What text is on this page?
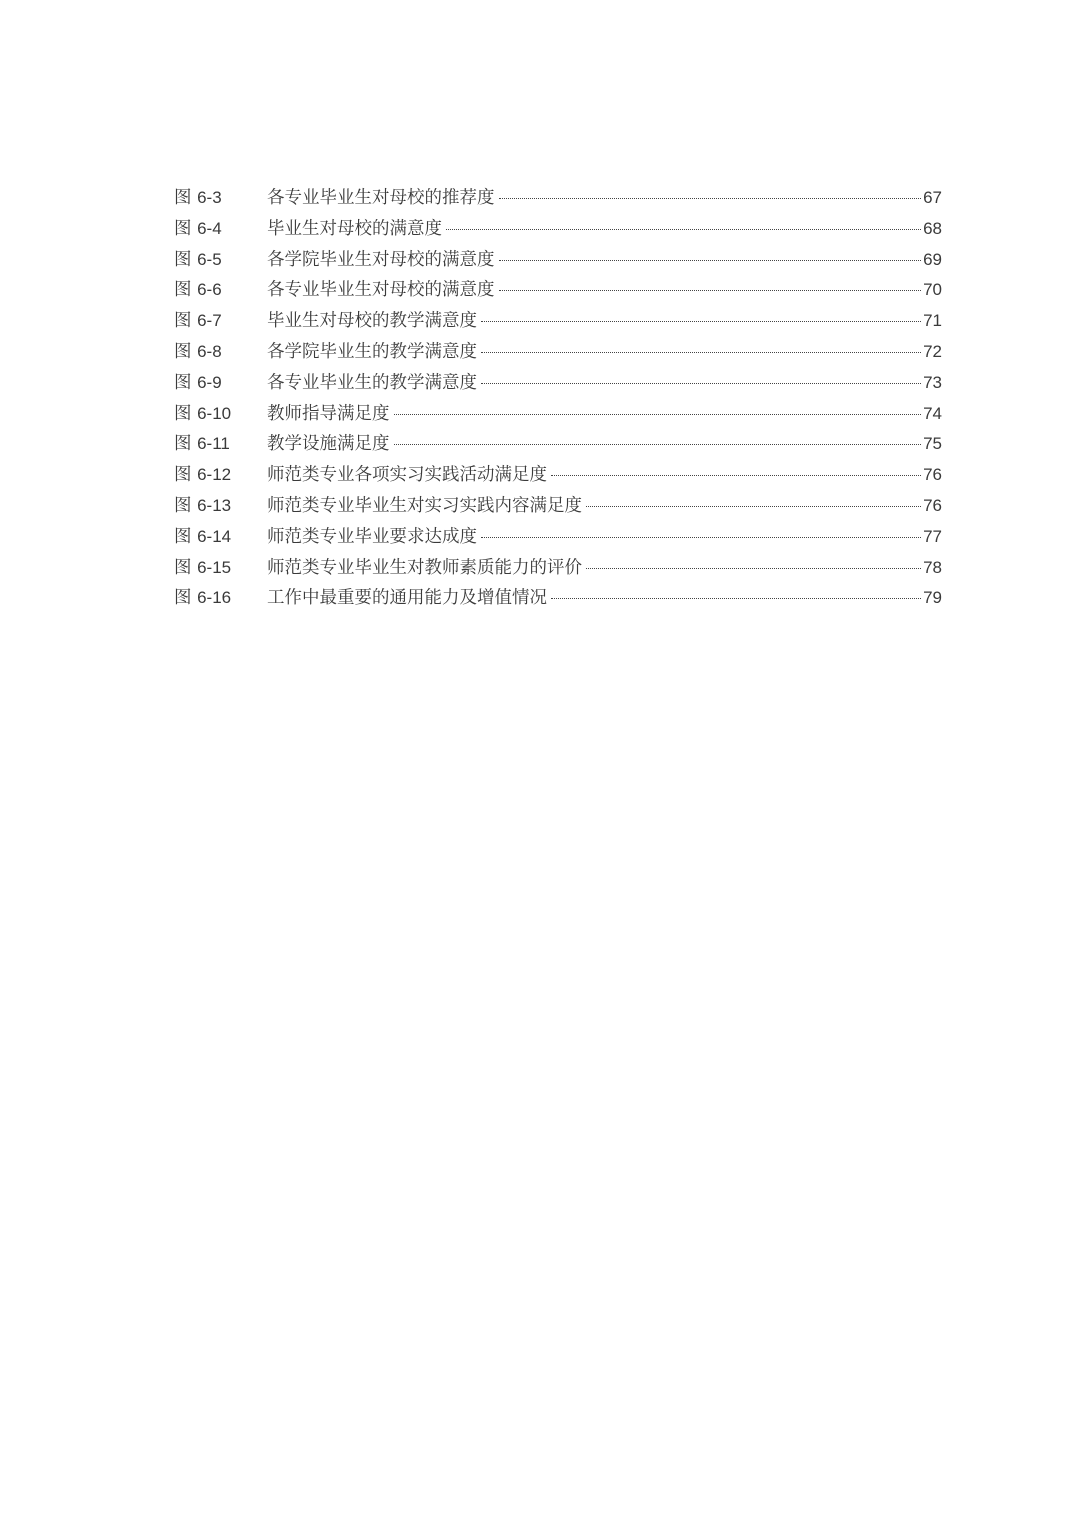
图 6-3	各专业毕业生对母校的推荐度	67
图 6-4	毕业生对母校的满意度	68
图 6-5	各学院毕业生对母校的满意度	69
图 6-6	各专业毕业生对母校的满意度	70
图 6-7	毕业生对母校的教学满意度	71
图 6-8	各学院毕业生的教学满意度	72
图 6-9	各专业毕业生的教学满意度	73
图 6-10	教师指导满足度	74
图 6-11	教学设施满足度	75
图 6-12	师范类专业各项实习实践活动满足度	76
图 6-13	师范类专业毕业生对实习实践内容满足度	76
图 6-14	师范类专业毕业要求达成度	77
图 6-15	师范类专业毕业生对教师素质能力的评价	78
图 6-16	工作中最重要的通用能力及增值情况	79
